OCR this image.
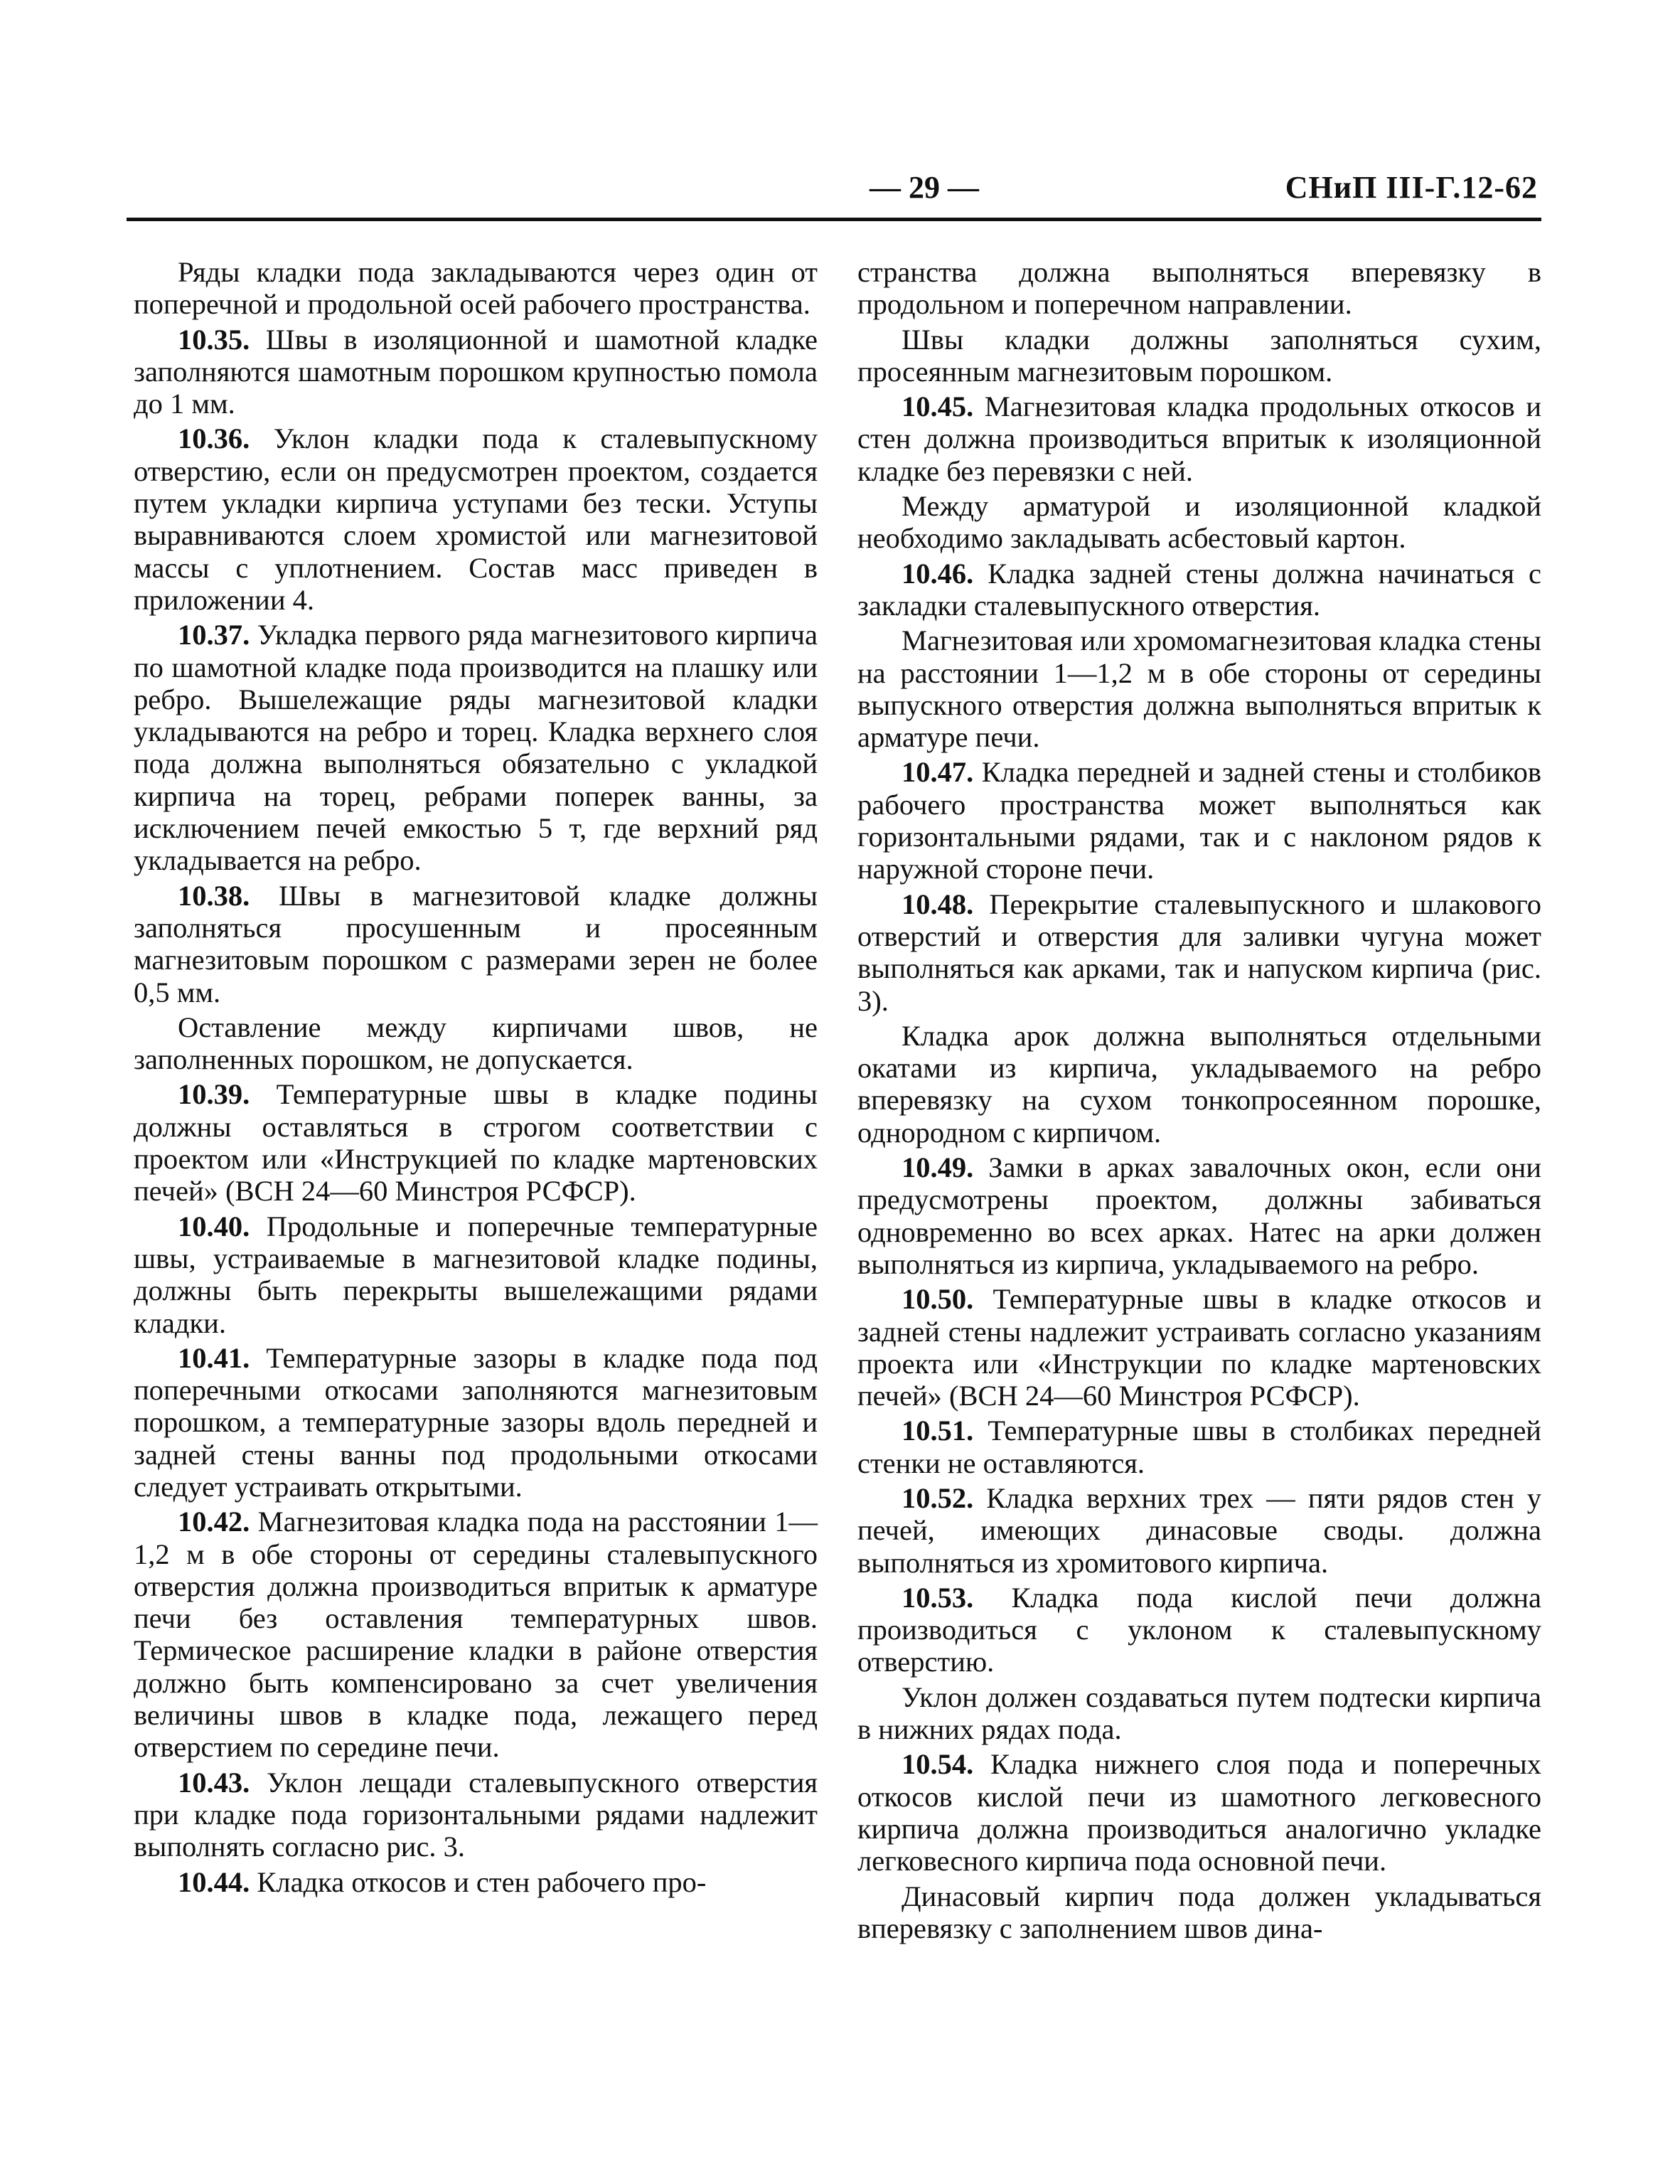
— 29 —	СНиП III-Г.12-62

Ряды кладки пода закладываются через один от поперечной и продольной осей рабочего пространства.

10.35. Швы в изоляционной и шамотной кладке заполняются шамотным порошком крупностью помола до 1 мм.

10.36. Уклон кладки пода к сталевыпускному отверстию, если он предусмотрен проектом, создается путем укладки кирпича уступами без тески. Уступы выравниваются слоем хромистой или магнезитовой массы с уплотнением. Состав масс приведен в приложении 4.

10.37. Укладка первого ряда магнезитового кирпича по шамотной кладке пода производится на плашку или ребро. Вышележащие ряды магнезитовой кладки укладываются на ребро и торец. Кладка верхнего слоя пода должна выполняться обязательно с укладкой кирпича на торец, ребрами поперек ванны, за исключением печей емкостью 5 т, где верхний ряд укладывается на ребро.

10.38. Швы в магнезитовой кладке должны заполняться просушенным и просеянным магнезитовым порошком с размерами зерен не более 0,5 мм.

Оставление между кирпичами швов, не заполненных порошком, не допускается.

10.39. Температурные швы в кладке подины должны оставляться в строгом соответствии с проектом или «Инструкцией по кладке мартеновских печей» (ВСН 24—60 Минстроя РСФСР).

10.40. Продольные и поперечные температурные швы, устраиваемые в магнезитовой кладке подины, должны быть перекрыты вышележащими рядами кладки.

10.41. Температурные зазоры в кладке пода под поперечными откосами заполняются магнезитовым порошком, а температурные зазоры вдоль передней и задней стены ванны под продольными откосами следует устраивать открытыми.

10.42. Магнезитовая кладка пода на расстоянии 1—1,2 м в обе стороны от середины сталевыпускного отверстия должна производиться впритык к арматуре печи без оставления температурных швов. Термическое расширение кладки в районе отверстия должно быть компенсировано за счет увеличения величины швов в кладке пода, лежащего перед отверстием по середине печи.

10.43. Уклон лещади сталевыпускного отверстия при кладке пода горизонтальными рядами надлежит выполнять согласно рис. 3.

10.44. Кладка откосов и стен рабочего про-

странства должна выполняться вперевязку в продольном и поперечном направлении.

Швы кладки должны заполняться сухим, просеянным магнезитовым порошком.

10.45. Магнезитовая кладка продольных откосов и стен должна производиться впритык к изоляционной кладке без перевязки с ней.

Между арматурой и изоляционной кладкой необходимо закладывать асбестовый картон.

10.46. Кладка задней стены должна начинаться с закладки сталевыпускного отверстия.

Магнезитовая или хромомагнезитовая кладка стены на расстоянии 1—1,2 м в обе стороны от середины выпускного отверстия должна выполняться впритык к арматуре печи.

10.47. Кладка передней и задней стены и столбиков рабочего пространства может выполняться как горизонтальными рядами, так и с наклоном рядов к наружной стороне печи.

10.48. Перекрытие сталевыпускного и шлакового отверстий и отверстия для заливки чугуна может выполняться как арками, так и напуском кирпича (рис. 3).

Кладка арок должна выполняться отдельными окатами из кирпича, укладываемого на ребро вперевязку на сухом тонкопросеянном порошке, однородном с кирпичом.

10.49. Замки в арках завалочных окон, если они предусмотрены проектом, должны забиваться одновременно во всех арках. Натес на арки должен выполняться из кирпича, укладываемого на ребро.

10.50. Температурные швы в кладке откосов и задней стены надлежит устраивать согласно указаниям проекта или «Инструкции по кладке мартеновских печей» (ВСН 24—60 Минстроя РСФСР).

10.51. Температурные швы в столбиках передней стенки не оставляются.

10.52. Кладка верхних трех — пяти рядов стен у печей, имеющих динасовые своды. должна выполняться из хромитового кирпича.

10.53. Кладка пода кислой печи должна производиться с уклоном к сталевыпускному отверстию.

Уклон должен создаваться путем подтески кирпича в нижних рядах пода.

10.54. Кладка нижнего слоя пода и поперечных откосов кислой печи из шамотного легковесного кирпича должна производиться аналогично укладке легковесного кирпича пода основной печи.

Динасовый кирпич пода должен укладываться вперевязку с заполнением швов дина-
